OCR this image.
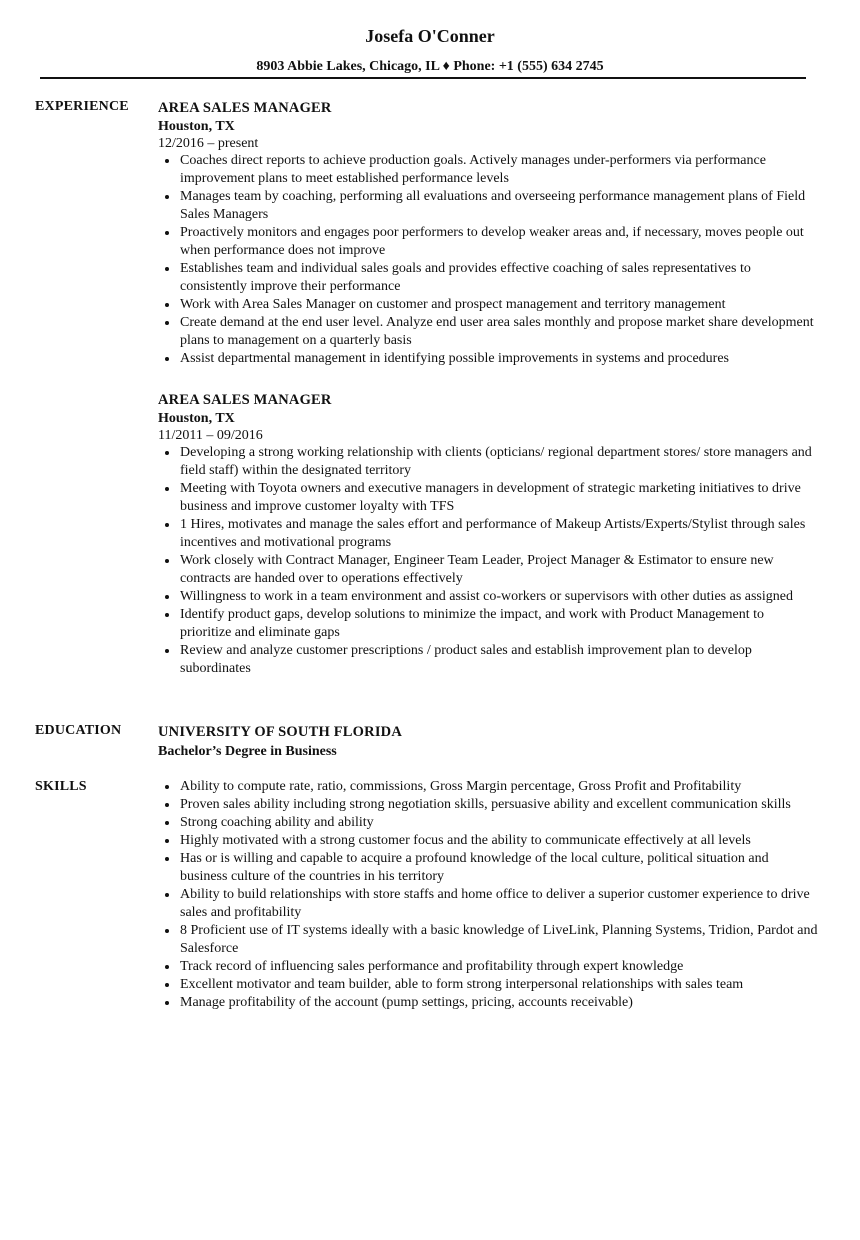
Josefa O'Conner
8903 Abbie Lakes, Chicago, IL ♦ Phone: +1 (555) 634 2745
EXPERIENCE AREA SALES MANAGER
Houston, TX
12/2016 – present
Coaches direct reports to achieve production goals. Actively manages under-performers via performance improvement plans to meet established performance levels
Manages team by coaching, performing all evaluations and overseeing performance management plans of Field Sales Managers
Proactively monitors and engages poor performers to develop weaker areas and, if necessary, moves people out when performance does not improve
Establishes team and individual sales goals and provides effective coaching of sales representatives to consistently improve their performance
Work with Area Sales Manager on customer and prospect management and territory management
Create demand at the end user level. Analyze end user area sales monthly and propose market share development plans to management on a quarterly basis
Assist departmental management in identifying possible improvements in systems and procedures
AREA SALES MANAGER
Houston, TX
11/2011 – 09/2016
Developing a strong working relationship with clients (opticians/ regional department stores/ store managers and field staff) within the designated territory
Meeting with Toyota owners and executive managers in development of strategic marketing initiatives to drive business and improve customer loyalty with TFS
1 Hires, motivates and manage the sales effort and performance of Makeup Artists/Experts/Stylist through sales incentives and motivational programs
Work closely with Contract Manager, Engineer Team Leader, Project Manager & Estimator to ensure new contracts are handed over to operations effectively
Willingness to work in a team environment and assist co-workers or supervisors with other duties as assigned
Identify product gaps, develop solutions to minimize the impact, and work with Product Management to prioritize and eliminate gaps
Review and analyze customer prescriptions / product sales and establish improvement plan to develop subordinates
EDUCATION	UNIVERSITY OF SOUTH FLORIDA
Bachelor’s Degree in Business
SKILLS	Ability to compute rate, ratio, commissions, Gross Margin percentage, Gross Profit and Profitability
Proven sales ability including strong negotiation skills, persuasive ability and excellent communication skills
Strong coaching ability and ability
Highly motivated with a strong customer focus and the ability to communicate effectively at all levels
Has or is willing and capable to acquire a profound knowledge of the local culture, political situation and business culture of the countries in his territory
Ability to build relationships with store staffs and home office to deliver a superior customer experience to drive sales and profitability
8 Proficient use of IT systems ideally with a basic knowledge of LiveLink, Planning Systems, Tridion, Pardot and Salesforce
Track record of influencing sales performance and profitability through expert knowledge
Excellent motivator and team builder, able to form strong interpersonal relationships with sales team
Manage profitability of the account (pump settings, pricing, accounts receivable)
